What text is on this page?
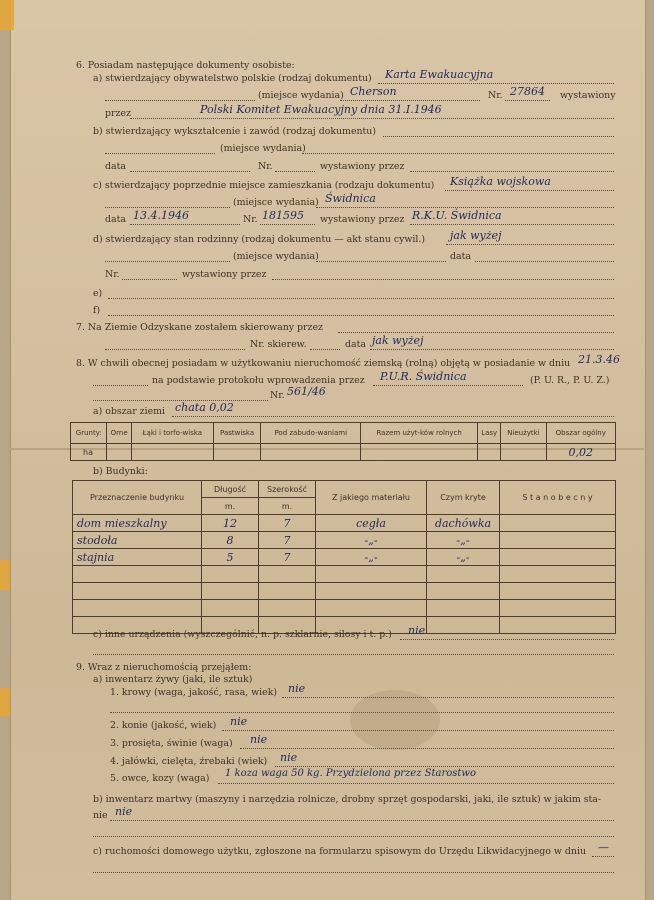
6. Posiadam następujące dokumenty osobiste:
a) stwierdzający obywatelstwo polskie (rodzaj dokumentu) Karta Ewakuacyjna
(miejsce wydania) Cherson	Nr. 27864 wystawiony
przez	Polski Komitet Ewakuacyjny dnia 31.I.1946
b) stwierdzający wykształcenie i zawód (rodzaj dokumentu)
(miejsce wydania)
data	Nr.	wystawiony przez
c) stwierdzający poprzednie miejsce zamieszkania (rodzaju dokumentu) Książka wojskowa
(miejsce wydania) Świdnica
data 13.4.1946	Nr. 181595 wystawiony przez R.K.U. Świdnica
d) stwierdzający stan rodzinny (rodzaj dokumentu — akt stanu cywil.) jak wyżej
(miejsce wydania)	data
Nr.	wystawiony przez
e)
f)
7. Na Ziemie Odzyskane zostałem skierowany przez
Nr. skierew.	data jak wyżej
8. W chwili obecnej posiadam w użytkowaniu nieruchomość ziemską (rolną) objętą w posiadanie w dniu 21.3.46
na podstawie protokołu wprowadzenia przez P.U.R. Świdnica	(P. U. R., P. U. Z.)
Nr. 561/46
a) obszar ziemi chata 0,02
Grunty:	Orne	Łąki i torfo-wiska	Pastwiska	Pod zabudo-waniami	Razem użyt-ków rolnych	Lasy	Nieużytki	Obszar ogólny
ha								0,02
b) Budynki:
Przeznaczenie budynku	Długość	Szerokość	Z jakiego materiału	Czym kryte	S t a n o b e c n y
	m.	m.			
dom mieszkalny	12	7	cegła	dachówka	
stodoła	8	7	-„-	-„-	
stajnia	5	7	-„-	-„-	

c) inne urządzenia (wyszczególnić, n. p. szklarnie, silosy i t. p.) nie
9. Wraz z nieruchomością przejąłem:
a) inwentarz żywy (jaki, ile sztuk)
1. krowy (waga, jakość, rasa, wiek) nie
2. konie (jakość, wiek) nie
3. prosięta, świnie (waga) nie
4. jałówki, cielęta, źrebaki (wiek) nie
5. owce, kozy (waga) 1 koza waga 50 kg. Przydzielona przez Starostwo
b) inwentarz martwy (maszyny i narzędzia rolnicze, drobny sprzęt gospodarski, jaki, ile sztuk) w jakim sta-
nie nie
c) ruchomości domowego użytku, zgłoszone na formularzu spisowym do Urzędu Likwidacyjnego w dniu —
